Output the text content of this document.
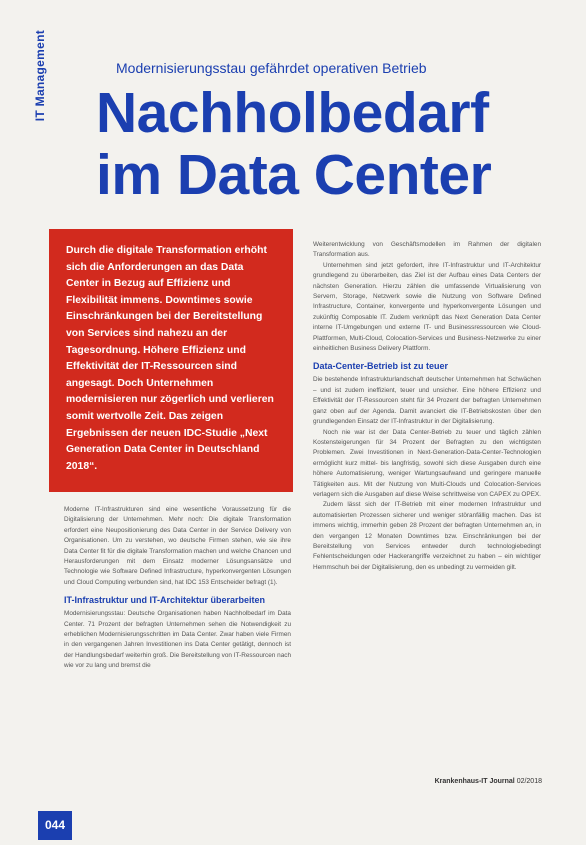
IT Management	Modernisierungsstau gefährdet operativen Betrieb
Nachholbedarf
im Data Center

Durch die digitale Transformation erhöht sich die Anforderungen an das Data Center in Bezug auf Effizienz und Flexibilität immens. Downtimes sowie Einschränkungen bei der Bereitstellung von Services sind nahezu an der Tagesordnung. Höhere Effizienz und Effektivität der IT-Ressourcen sind angesagt. Doch Unternehmen modernisieren nur zögerlich und verlieren somit wertvolle Zeit. Das zeigen Ergebnissen der neuen IDC-Studie „Next Generation Data Center in Deutschland 2018“.

Moderne IT-Infrastrukturen sind eine wesentliche Voraussetzung für die Digitalisierung der Unternehmen. Mehr noch: Die digitale Transformation erfordert eine Neupositionierung des Data Center in der Service Delivery von Organisationen. Um zu verstehen, wo deutsche Firmen stehen, wie sie ihre Data Center fit für die digitale Transformation machen und welche Chancen und Herausforderungen mit dem Einsatz moderner Lösungsansätze und Technologie wie Software Defined Infrastructure, hyperkonvergenten Lösungen und Cloud Computing verbunden sind, hat IDC 153 Entscheider befragt (1).

IT-Infrastruktur und IT-Architektur überarbeiten

Modernisierungsstau: Deutsche Organisationen haben Nachholbedarf im Data Center. 71 Prozent der befragten Unternehmen sehen die Notwendigkeit zu erheblichen Modernisierungsschritten im Data Center. Zwar haben viele Firmen in den vergangenen Jahren Investitionen ins Data Center getätigt, dennoch ist der Handlungsbedarf weiterhin groß. Die Bereitstellung von IT-Ressourcen nach wie vor zu lang und bremst die

Weiterentwicklung von Geschäftsmodellen im Rahmen der digitalen Transformation aus.

Unternehmen sind jetzt gefordert, ihre IT-Infrastruktur und IT-Architektur grundlegend zu überarbeiten, das Ziel ist der Aufbau eines Data Centers der nächsten Generation. Hierzu zählen die umfassende Virtualisierung von Servern, Storage, Netzwerk sowie die Nutzung von Software Defined Infrastructure, Container, konvergente und hyperkonvergente Lösungen und zukünftig Composable IT. Zudem verknüpft das Next Generation Data Center interne IT-Umgebungen und externe IT- und Businessressourcen wie Cloud-Plattformen, Multi-Cloud, Colocation-Services und Business-Netzwerke zu einer einheitlichen Business Delivery Plattform.

Data-Center-Betrieb ist zu teuer

Die bestehende Infrastrukturlandschaft deutscher Unternehmen hat Schwächen – und ist zudem ineffizient, teuer und unsicher. Eine höhere Effizienz und Effektivität der IT-Ressourcen steht für 34 Prozent der befragten Unternehmen ganz oben auf der Agenda. Damit avanciert die IT-Betriebskosten über den grundlegenden Einsatz der IT-Infrastruktur in der Digitalisierung.

Noch nie war ist der Data Center-Betrieb zu teuer und täglich zählen Kostensteigerungen für 34 Prozent der Befragten zu den wichtigsten Problemen. Zwei Investitionen in Next-Generation-Data-Center-Technologien ermöglicht kurz mittel- bis langfristig, sowohl sich diese Ausgaben durch eine höhere Automatisierung, weniger Wartungsaufwand und geringere manuelle Tätigkeiten aus. Mit der Nutzung von Multi-Clouds und Colocation-Services verlagern sich die Ausgaben auf diese Weise schrittweise von CAPEX zu OPEX.

Zudem lässt sich der IT-Betrieb mit einer modernen Infrastruktur und automatisierten Prozessen sicherer und weniger störanfällig machen. Das ist immens wichtig, immerhin geben 28 Prozent der befragten Unternehmen an, in den vergangen 12 Monaten Downtimes bzw. Einschränkungen bei der Bereitstellung von Services entweder durch technologiebedingt Fehlentscheidungen oder Hackerangriffe verzeichnet zu haben – ein wichtiger Hemmschuh bei der Digitalisierung, den es unbedingt zu vermeiden gilt.

Krankenhaus-IT Journal 02/2018
044
